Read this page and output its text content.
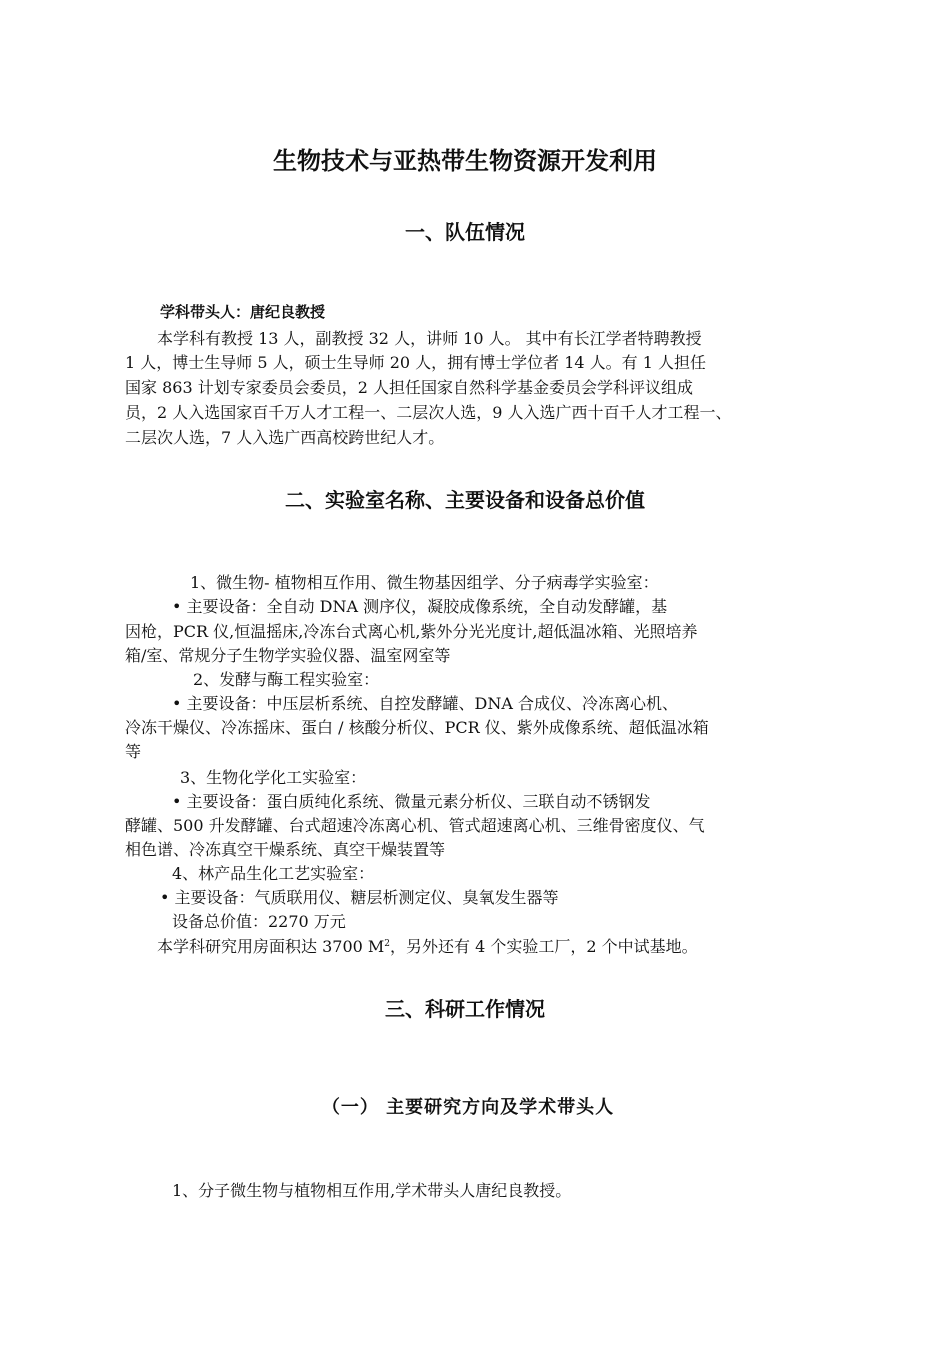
生物技术与亚热带生物资源开发利用
一、队伍情况
学科带头人：唐纪良教授
本学科有教授 13 人，副教授 32 人，讲师 10 人。 其中有长江学者特聘教授
1 人，博士生导师 5 人，硕士生导师 20 人，拥有博士学位者 14 人。有 1 人担任
国家 863 计划专家委员会委员，2 人担任国家自然科学基金委员会学科评议组成
员，2 人入选国家百千万人才工程一、二层次人选，9 人入选广西十百千人才工程一、
二层次人选，7 人入选广西高校跨世纪人才。
二、实验室名称、主要设备和设备总价值
1、微生物- 植物相互作用、微生物基因组学、分子病毒学实验室：
• 主要设备：全自动 DNA 测序仪，凝胶成像系统，全自动发酵罐，基
因枪，PCR 仪,恒温摇床,冷冻台式离心机,紫外分光光度计,超低温冰箱、光照培养
箱/室、常规分子生物学实验仪器、温室网室等
2、发酵与酶工程实验室：
• 主要设备：中压层析系统、自控发酵罐、DNA 合成仪、冷冻离心机、
冷冻干燥仪、冷冻摇床、蛋白 / 核酸分析仪、PCR 仪、紫外成像系统、超低温冰箱
等
3、生物化学化工实验室：
• 主要设备：蛋白质纯化系统、微量元素分析仪、三联自动不锈钢发
酵罐、500 升发酵罐、台式超速冷冻离心机、管式超速离心机、三维骨密度仪、气
相色谱、冷冻真空干燥系统、真空干燥装置等
4、林产品生化工艺实验室：
• 主要设备：气质联用仪、糖层析测定仪、臭氧发生器等
设备总价值：2270 万元
本学科研究用房面积达 3700 $M^2$，另外还有 4 个实验工厂，2 个中试基地。
三、科研工作情况
（一） 主要研究方向及学术带头人
1、分子微生物与植物相互作用,学术带头人唐纪良教授。
